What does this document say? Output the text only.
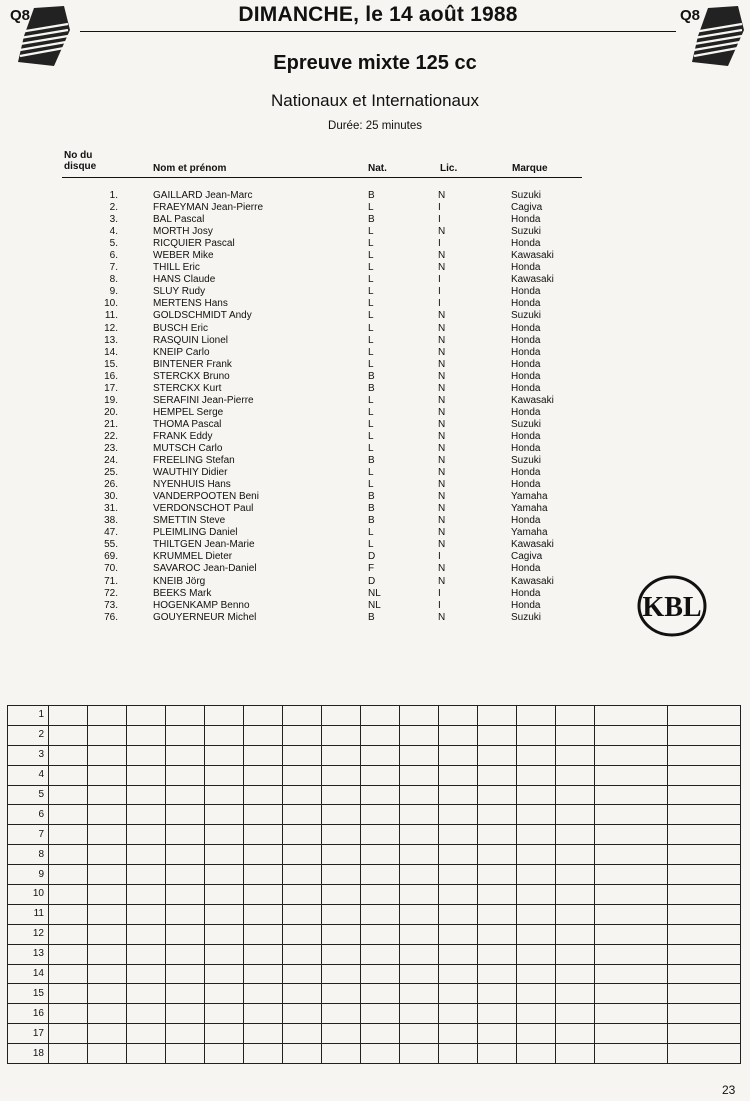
Q8	Q8
DIMANCHE, le 14 août 1988
Epreuve mixte 125 cc
Nationaux et Internationaux
Durée: 25 minutes
No du disque	Nom et prénom	Nat.	Lic.	Marque
1.	GAILLARD Jean-Marc	B	N	Suzuki
2.	FRAEYMAN Jean-Pierre	L	I	Cagiva
3.	BAL Pascal	B	I	Honda
4.	MORTH Josy	L	N	Suzuki
5.	RICQUIER Pascal	L	I	Honda
6.	WEBER Mike	L	N	Kawasaki
7.	THILL Eric	L	N	Honda
8.	HANS Claude	L	I	Kawasaki
9.	SLUY Rudy	L	I	Honda
10.	MERTENS Hans	L	I	Honda
11.	GOLDSCHMIDT Andy	L	N	Suzuki
12.	BUSCH Eric	L	N	Honda
13.	RASQUIN Lionel	L	N	Honda
14.	KNEIP Carlo	L	N	Honda
15.	BINTENER Frank	L	N	Honda
16.	STERCKX Bruno	B	N	Honda
17.	STERCKX Kurt	B	N	Honda
19.	SERAFINI Jean-Pierre	L	N	Kawasaki
20.	HEMPEL Serge	L	N	Honda
21.	THOMA Pascal	L	N	Suzuki
22.	FRANK Eddy	L	N	Honda
23.	MUTSCH Carlo	L	N	Honda
24.	FREELING Stefan	B	N	Suzuki
25.	WAUTHIY Didier	L	N	Honda
26.	NYENHUIS Hans	L	N	Honda
30.	VANDERPOOTEN Beni	B	N	Yamaha
31.	VERDONSCHOT Paul	B	N	Yamaha
38.	SMETTIN Steve	B	N	Honda
47.	PLEIMLING Daniel	L	N	Yamaha
55.	THILTGEN Jean-Marie	L	N	Kawasaki
69.	KRUMMEL Dieter	D	I	Cagiva
70.	SAVAROC Jean-Daniel	F	N	Honda
71.	KNEIB Jörg	D	N	Kawasaki
72.	BEEKS Mark	NL	I	Honda
73.	HOGENKAMP Benno	NL	I	Honda
76.	GOUYERNEUR Michel	B	N	Suzuki	KBL
1																
2																
3																
4																
5																
6																
7																
8																
9																
10																
11																
12																
13																
14																
15																
16																
17																
18																
23
